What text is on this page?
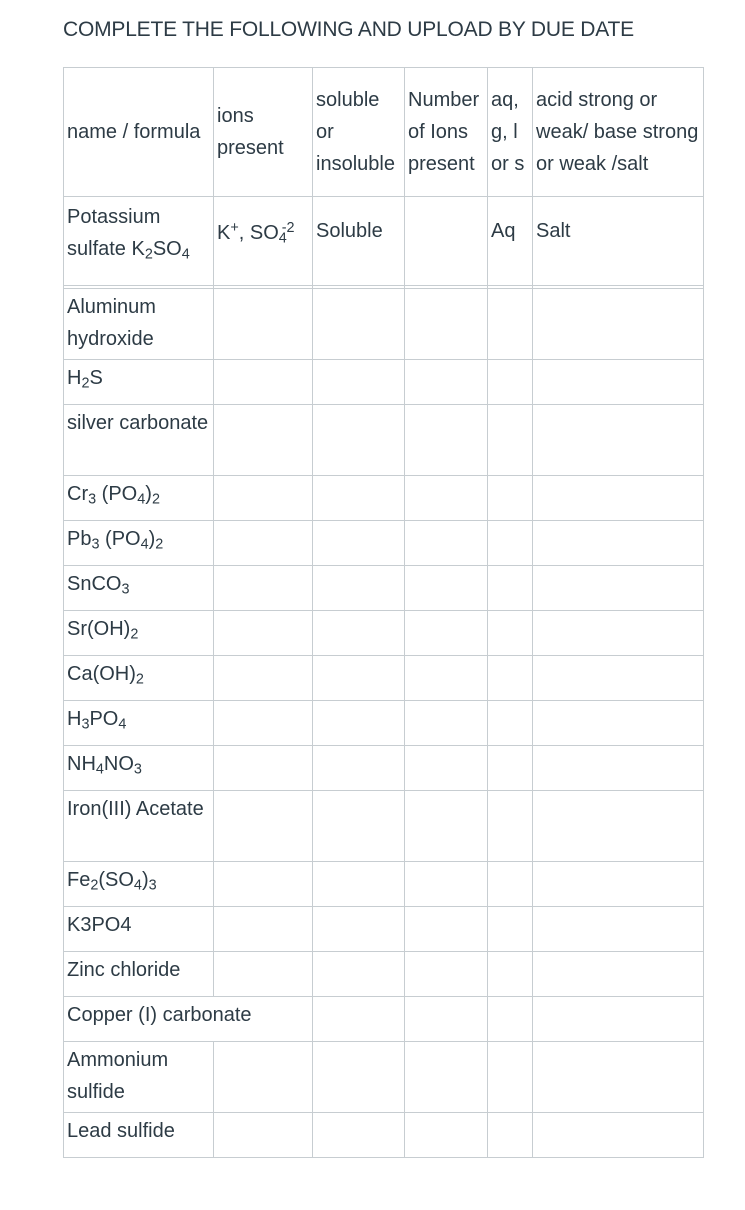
COMPLETE THE FOLLOWING AND UPLOAD BY DUE DATE
name / formula	ions present	soluble or insoluble	Number of Ions present	aq, g, l or s	acid strong or weak/ base strong or weak /salt
Potassium sulfate $K_2SO_4$	K+, $SO_4^{-2}$	Soluble		Aq	Salt

Aluminum hydroxide					
$H_2S$					
silver carbonate					
$Cr_3$ $(PO_4)_2$					
$Pb_3$ $(PO_4)_2$					
SnCO$_3$					
$Sr(OH)_2$					
$Ca(OH)_2$					
$H_3PO_4$					
$NH_4NO_3$					
Iron(III) Acetate					
$Fe_2(SO_4)_3$					
K3PO4					
Zinc chloride					
Copper (I) carbonate					
Ammonium sulfide					
Lead sulfide					
